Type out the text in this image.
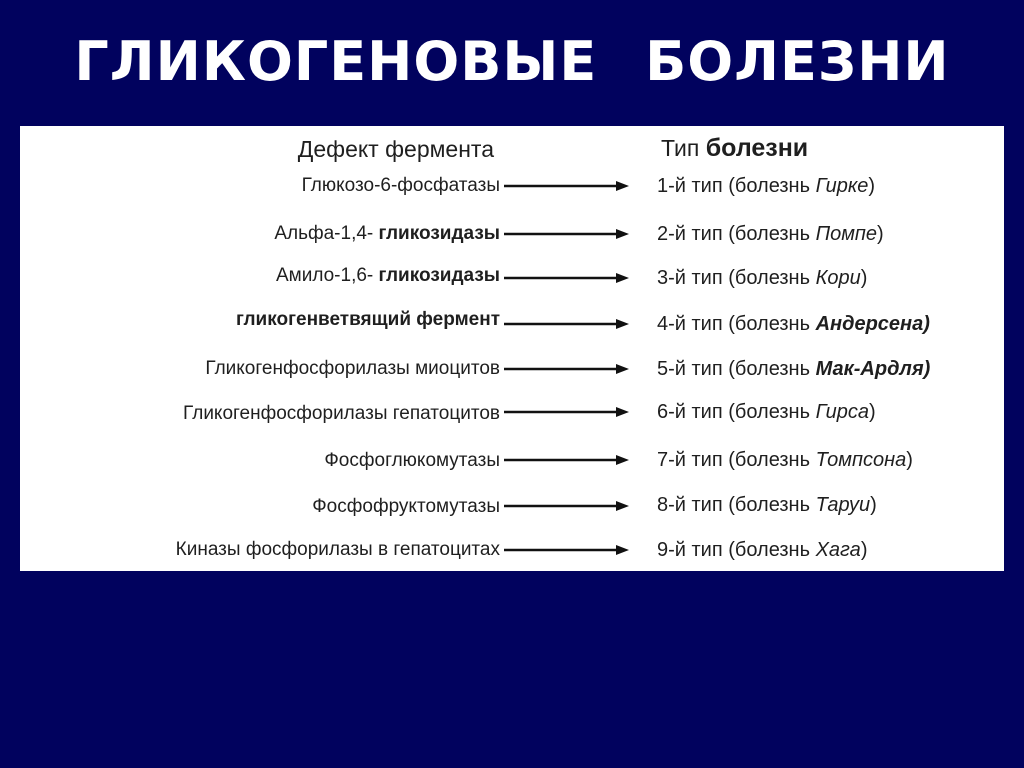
ГЛИКОГЕНОВЫЕ БОЛЕЗНИ
Дефект фермента	Тип болезни
Глюкозо-6-фосфатазы	1-й тип (болезнь Гирке)
Альфа-1,4- гликозидазы	2-й тип (болезнь Помпе)
Амило-1,6- гликозидазы	3-й тип (болезнь Кори)
гликогенветвящий фермент	4-й тип (болезнь Андерсена)
Гликогенфосфорилазы миоцитов	5-й тип (болезнь Мак-Ардля)
Гликогенфосфорилазы гепатоцитов	6-й тип (болезнь Гирса)
Фосфоглюкомутазы	7-й тип (болезнь Томпсона)
Фосфофруктомутазы	8-й тип (болезнь Таруи)
Киназы фосфорилазы в гепатоцитах	9-й тип (болезнь Хага)
